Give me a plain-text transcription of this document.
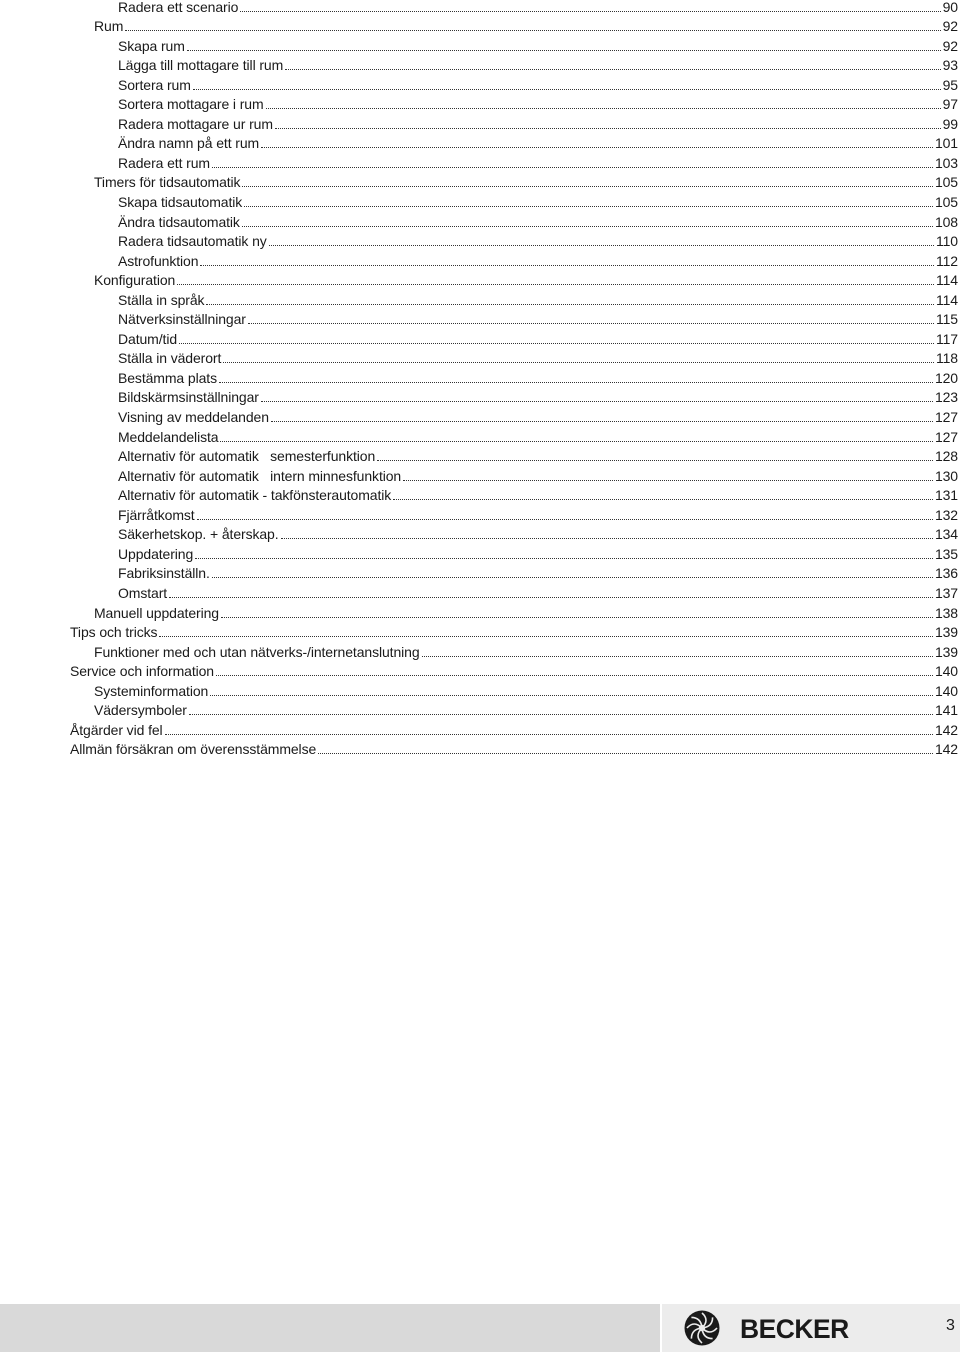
Radera ett scenario	90
Rum	92
Skapa rum	92
Lägga till mottagare till rum	93
Sortera rum	95
Sortera mottagare i rum	97
Radera mottagare ur rum	99
Ändra namn på ett rum	101
Radera ett rum	103
Timers för tidsautomatik	105
Skapa tidsautomatik	105
Ändra tidsautomatik	108
Radera tidsautomatik ny	110
Astrofunktion	112
Konfiguration	114
Ställa in språk	114
Nätverksinställningar	115
Datum/tid	117
Ställa in väderort	118
Bestämma plats	120
Bildskärmsinställningar	123
Visning av meddelanden	127
Meddelandelista	127
Alternativ för automatik   semesterfunktion	128
Alternativ för automatik   intern minnesfunktion	130
Alternativ för automatik - takfönsterautomatik	131
Fjärråtkomst	132
Säkerhetskop. + återskap.	134
Uppdatering	135
Fabriksinställn.	136
Omstart	137
Manuell uppdatering	138
Tips och tricks	139
Funktioner med och utan nätverks-/internetanslutning	139
Service och information	140
Systeminformation	140
Vädersymboler	141
Åtgärder vid fel	142
Allmän försäkran om överensstämmelse	142
BECKER	3
